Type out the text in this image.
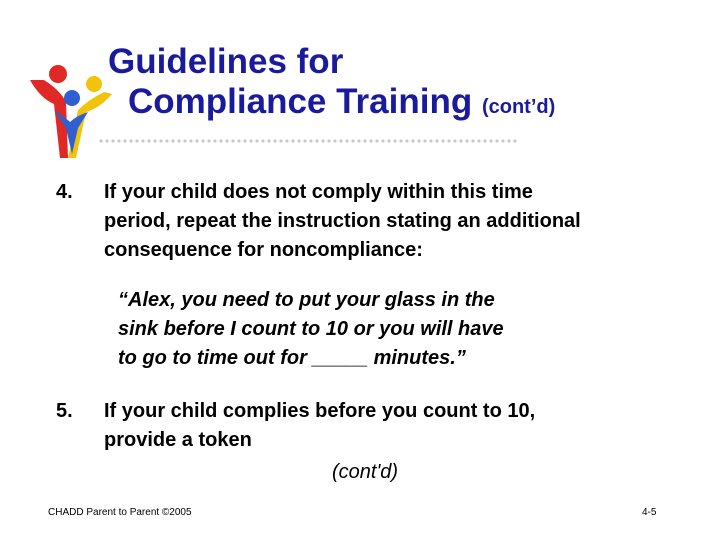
Guidelines for
Compliance Training (cont’d)
4. If your child does not comply within this time
period, repeat the instruction stating an additional
consequence for noncompliance:
“Alex, you need to put your glass in the
sink before I count to 10 or you will have
to go to time out for _____ minutes.”
5. If your child complies before you count to 10,
provide a token
(cont'd)
CHADD Parent to Parent ©2005	4-5
